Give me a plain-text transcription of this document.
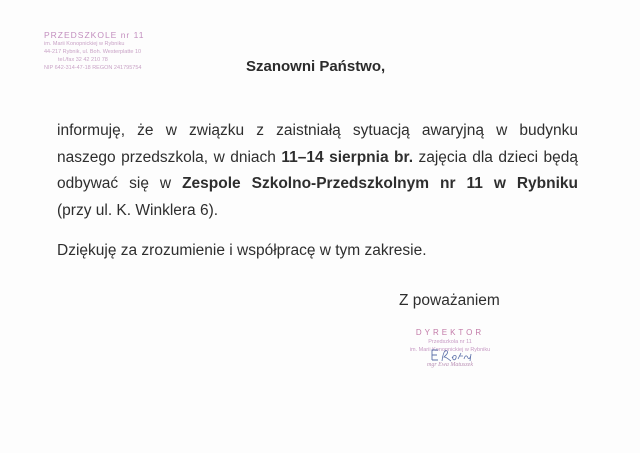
PRZEDSZKOLE nr 11
im. Marii Konopnickiej w Rybniku
44-217 Rybnik, ul. Boh. Westerplatte 10
tel./fax 32 42 210 78
NIP 642-314-47-18 REGON 241795754	Szanowni Państwo,
informuję, że w związku z zaistniałą sytuacją awaryjną w budynku
naszego przedszkola, w dniach 11–14 sierpnia br. zajęcia dla dzieci będą
odbywać się w Zespole Szkolno-Przedszkolnym nr 11 w Rybniku
(przy ul. K. Winklera 6).
Dziękuję za zrozumienie i współpracę w tym zakresie.
Z poważaniem
DYREKTOR
Przedszkola nr 11
im. Marii Konopnickiej w Rybniku
mgr Ewa Matuszek
